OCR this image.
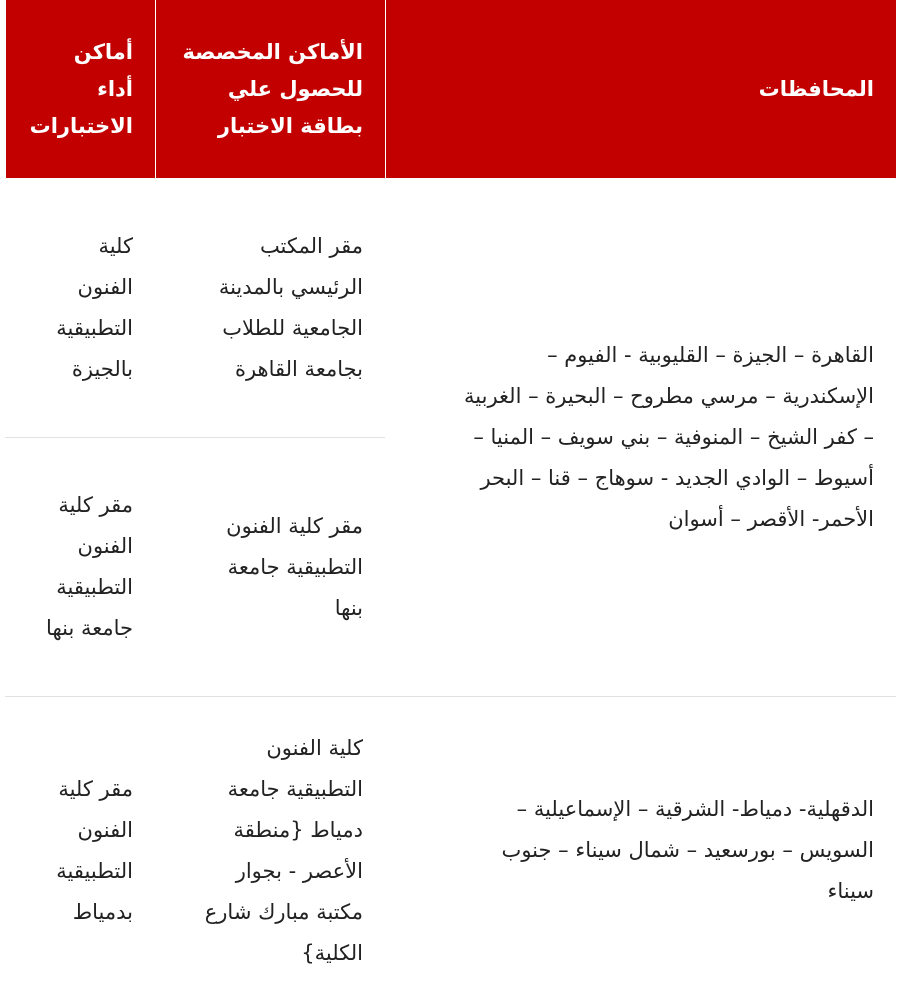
المحافظات
الأماكن المخصصة
للحصول علي
بطاقة الاختبار
أماكن
أداء
الاختبارات
القاهرة – الجيزة – القليوبية - الفيوم –
الإسكندرية – مرسي مطروح – البحيرة – الغربية
– كفر الشيخ – المنوفية – بني سويف – المنيا –
أسيوط – الوادي الجديد - سوهاج – قنا – البحر
الأحمر- الأقصر – أسوان
مقر المكتب
الرئيسي بالمدينة
الجامعية للطلاب
بجامعة القاهرة
كلية
الفنون
التطبيقية
بالجيزة
مقر كلية الفنون
التطبيقية جامعة
بنها
مقر كلية
الفنون
التطبيقية
جامعة بنها
الدقهلية- دمياط- الشرقية – الإسماعيلية –
السويس – بورسعيد – شمال سيناء – جنوب
سيناء
كلية الفنون
التطبيقية جامعة
دمياط {منطقة
الأعصر - بجوار
مكتبة مبارك شارع
الكلية}
مقر كلية
الفنون
التطبيقية
بدمياط
